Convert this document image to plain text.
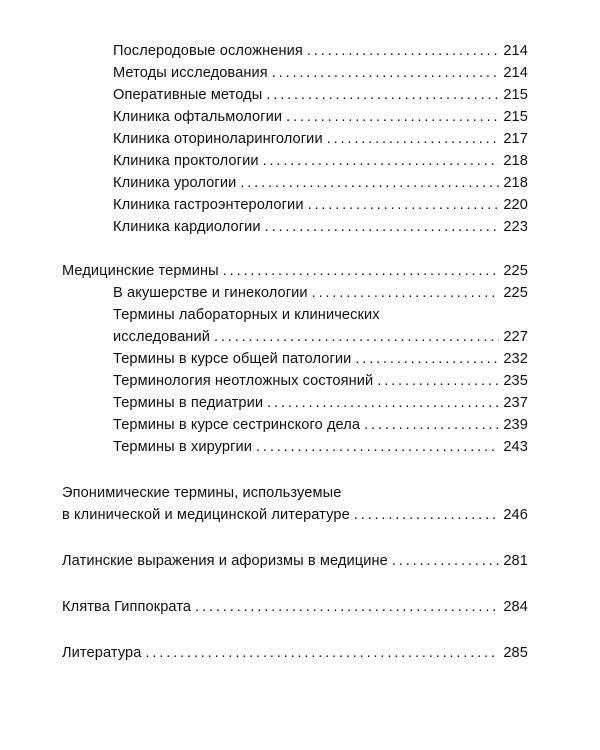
Послеродовые осложнения . . .	214
Методы исследования . . .	214
Оперативные методы . . .	215
Клиника офтальмологии . . .	215
Клиника оториноларингологии . . .	217
Клиника проктологии . . .	218
Клиника урологии . . .	218
Клиника гастроэнтерологии . . .	220
Клиника кардиологии . . .	223
Медицинские термины . . .	225
В акушерстве и гинекологии . . .	225
Термины лабораторных и клинических
исследований . . .	227
Термины в курсе общей патологии . . .	232
Терминология неотложных состояний . . .	235
Термины в педиатрии . . .	237
Термины в курсе сестринского дела . . .	239
Термины в хирургии . . .	243
Эпонимические термины, используемые
в клинической и медицинской литературе . . .	246
Латинские выражения и афоризмы в медицине . . .	281
Клятва Гиппократа . . .	284
Литература . . .	285
